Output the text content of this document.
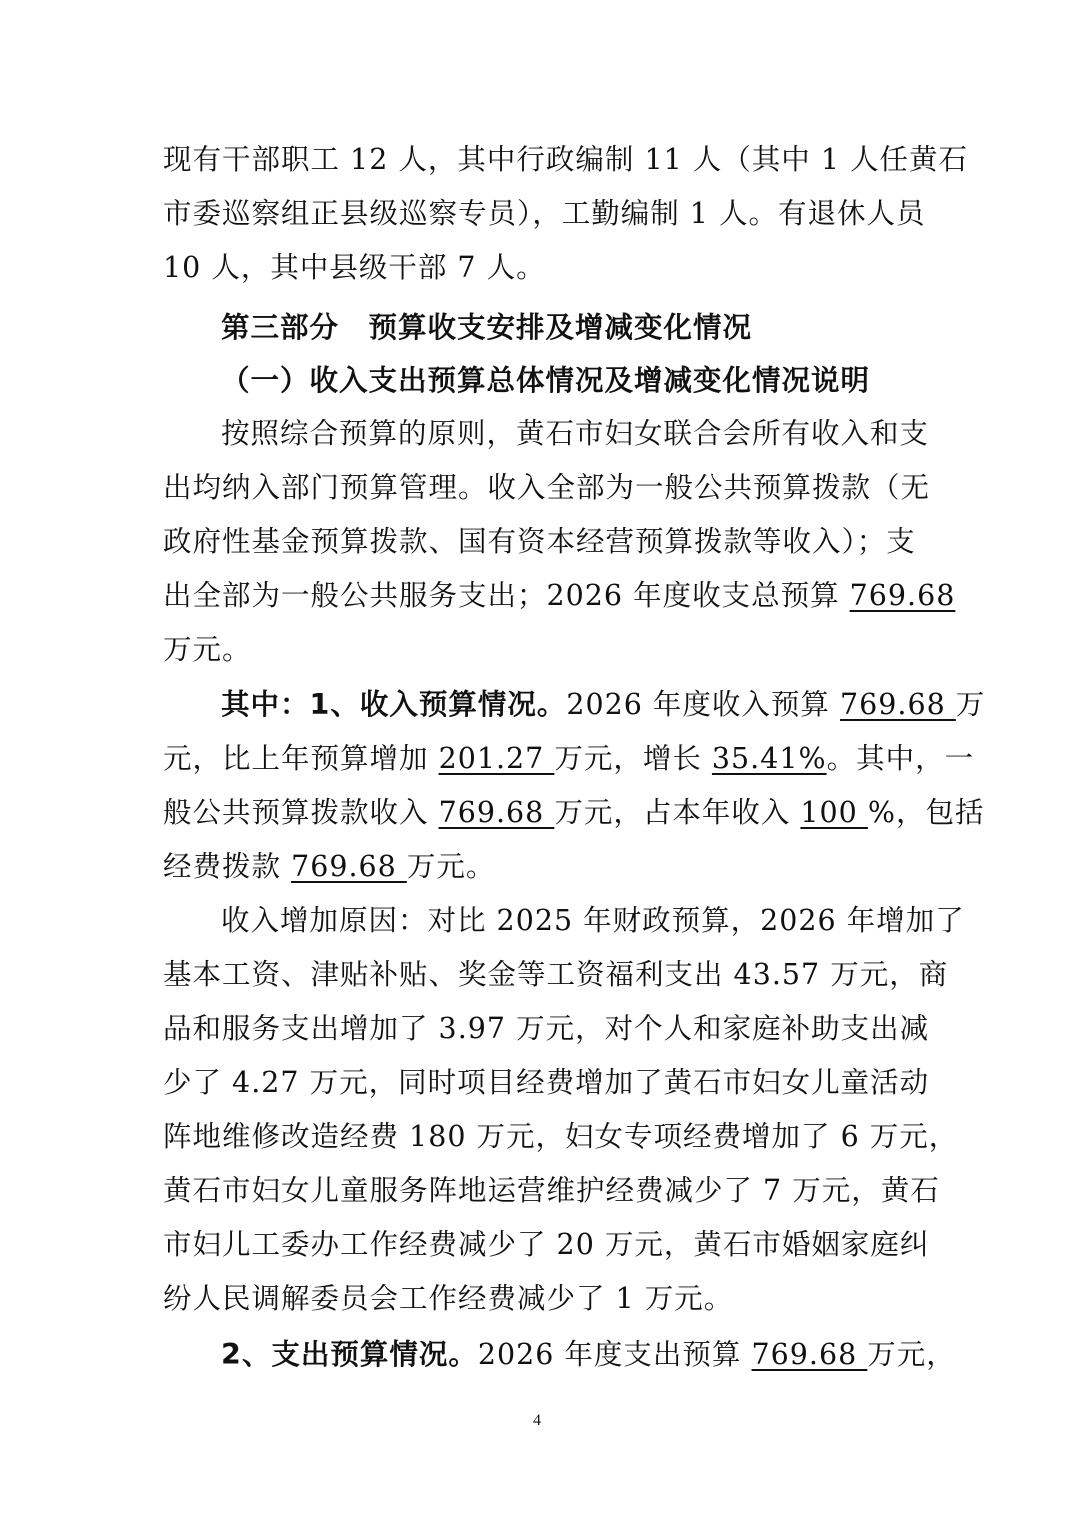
现有干部职工 12 人，其中行政编制 11 人（其中 1 人任黄石
市委巡察组正县级巡察专员），工勤编制 1 人。有退休人员
10 人，其中县级干部 7 人。
第三部分　预算收支安排及增减变化情况
（一）收入支出预算总体情况及增减变化情况说明
按照综合预算的原则，黄石市妇女联合会所有收入和支
出均纳入部门预算管理。收入全部为一般公共预算拨款（无
政府性基金预算拨款、国有资本经营预算拨款等收入）；支
出全部为一般公共服务支出；2026 年度收支总预算 769.68
万元。
其中：1、收入预算情况。2026 年度收入预算 769.68 万
元，比上年预算增加 201.27 万元，增长 35.41%。其中，一
般公共预算拨款收入 769.68 万元，占本年收入 100 %，包括
经费拨款 769.68 万元。
收入增加原因：对比 2025 年财政预算，2026 年增加了
基本工资、津贴补贴、奖金等工资福利支出 43.57 万元，商
品和服务支出增加了 3.97 万元，对个人和家庭补助支出减
少了 4.27 万元，同时项目经费增加了黄石市妇女儿童活动
阵地维修改造经费 180 万元，妇女专项经费增加了 6 万元，
黄石市妇女儿童服务阵地运营维护经费减少了 7 万元，黄石
市妇儿工委办工作经费减少了 20 万元，黄石市婚姻家庭纠
纷人民调解委员会工作经费减少了 1 万元。
2、支出预算情况。2026 年度支出预算 769.68 万元，
4
